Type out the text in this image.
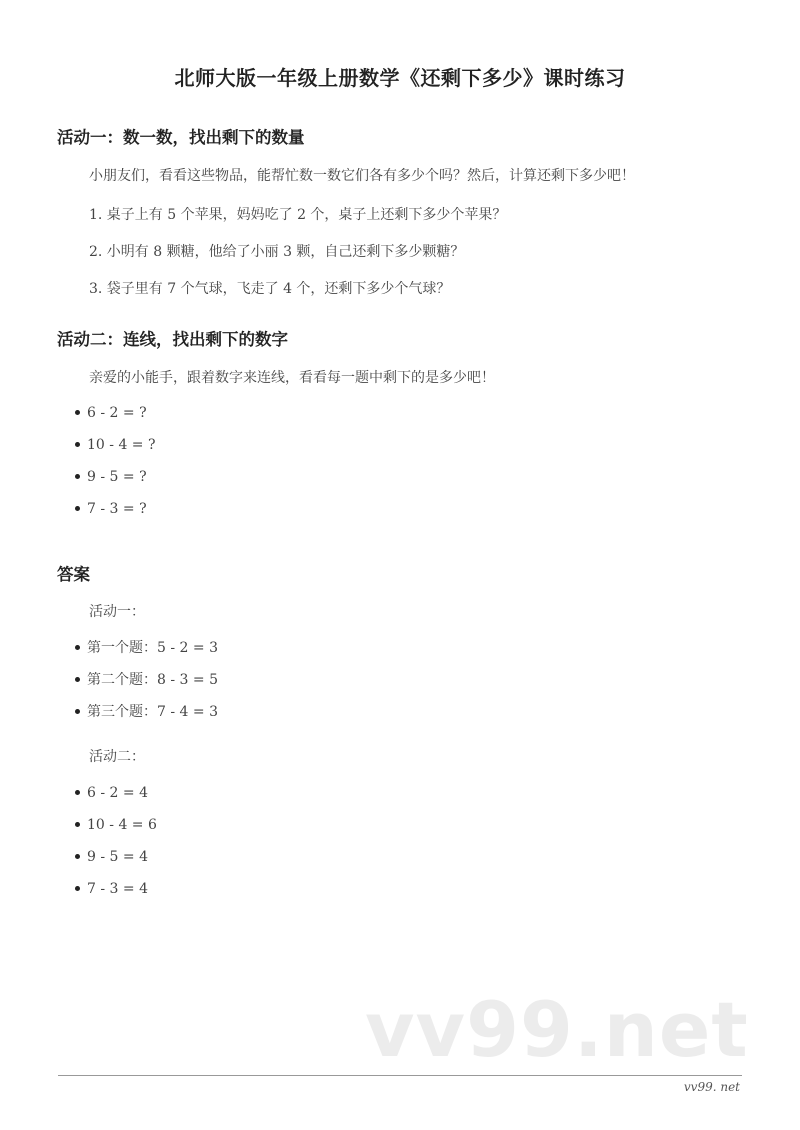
北师大版一年级上册数学《还剩下多少》课时练习
活动一：数一数，找出剩下的数量
小朋友们，看看这些物品，能帮忙数一数它们各有多少个吗？然后，计算还剩下多少吧！
1. 桌子上有 5 个苹果，妈妈吃了 2 个，桌子上还剩下多少个苹果？
2. 小明有 8 颗糖，他给了小丽 3 颗，自己还剩下多少颗糖？
3. 袋子里有 7 个气球，飞走了 4 个，还剩下多少个气球？
活动二：连线，找出剩下的数字
亲爱的小能手，跟着数字来连线，看看每一题中剩下的是多少吧！
6 - 2 = ?
10 - 4 = ?
9 - 5 = ?
7 - 3 = ?
答案
活动一：
第一个题：5 - 2 = 3
第二个题：8 - 3 = 5
第三个题：7 - 4 = 3
活动二：
6 - 2 = 4
10 - 4 = 6
9 - 5 = 4
7 - 3 = 4
vv99.net
vv99. net
